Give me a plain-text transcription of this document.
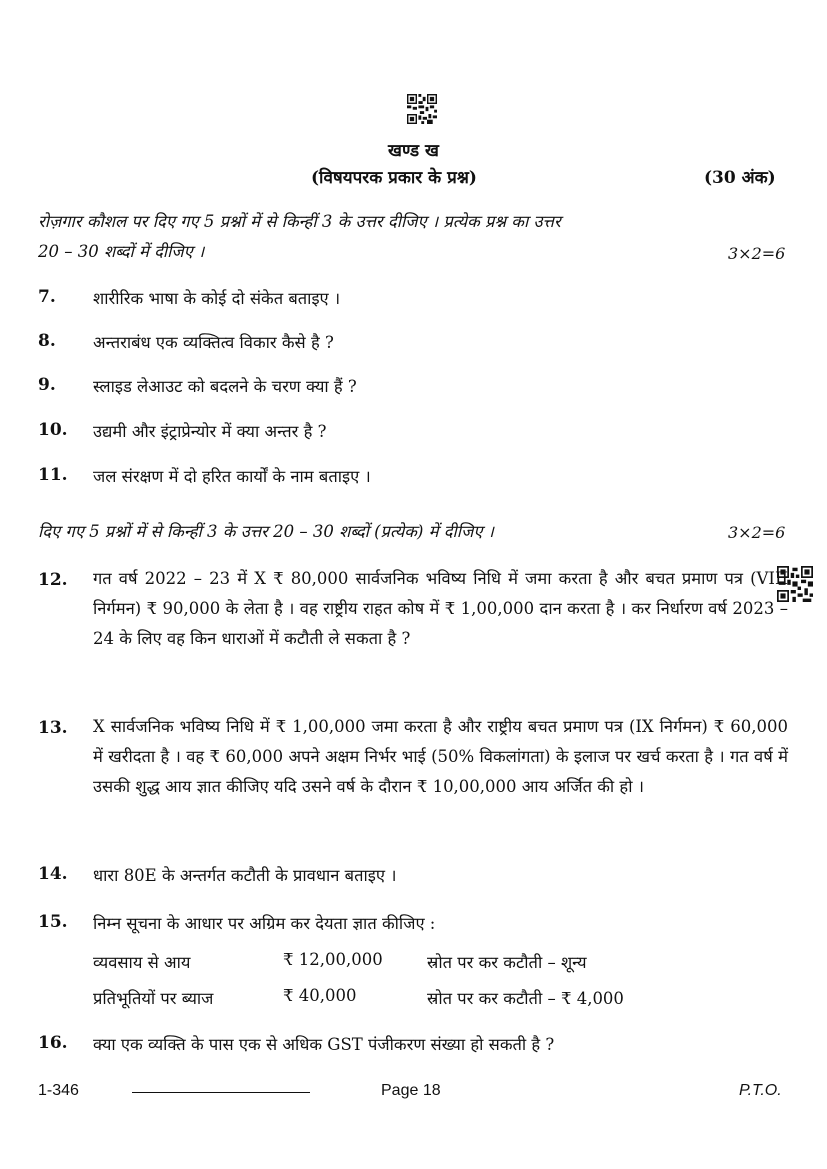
खण्ड ख
(विषयपरक प्रकार के प्रश्न)	(30 अंक)
रोज़गार कौशल पर दिए गए 5 प्रश्नों में से किन्हीं 3 के उत्तर दीजिए । प्रत्येक प्रश्न का उत्तर
20 – 30 शब्दों में दीजिए ।	3×2=6
7. शारीरिक भाषा के कोई दो संकेत बताइए ।
8. अन्तराबंध एक व्यक्तित्व विकार कैसे है ?
9. स्लाइड लेआउट को बदलने के चरण क्या हैं ?
10. उद्यमी और इंट्राप्रेन्योर में क्या अन्तर है ?
11. जल संरक्षण में दो हरित कार्यों के नाम बताइए ।
दिए गए 5 प्रश्नों में से किन्हीं 3 के उत्तर 20 – 30 शब्दों (प्रत्येक) में दीजिए ।	3×2=6
12. गत वर्ष 2022 – 23 में X ₹ 80,000 सार्वजनिक भविष्य निधि में जमा करता है और बचत प्रमाण पत्र (VIII निर्गमन) ₹ 90,000 के लेता है । वह राष्ट्रीय राहत कोष में ₹ 1,00,000 दान करता है । कर निर्धारण वर्ष 2023 – 24 के लिए वह किन धाराओं में कटौती ले सकता है ?
13. X सार्वजनिक भविष्य निधि में ₹ 1,00,000 जमा करता है और राष्ट्रीय बचत प्रमाण पत्र (IX निर्गमन) ₹ 60,000 में खरीदता है । वह ₹ 60,000 अपने अक्षम निर्भर भाई (50% विकलांगता) के इलाज पर खर्च करता है । गत वर्ष में उसकी शुद्ध आय ज्ञात कीजिए यदि उसने वर्ष के दौरान ₹ 10,00,000 आय अर्जित की हो ।
14. धारा 80E के अन्तर्गत कटौती के प्रावधान बताइए ।
15. निम्न सूचना के आधार पर अग्रिम कर देयता ज्ञात कीजिए :
व्यवसाय से आय	₹ 12,00,000	स्रोत पर कर कटौती – शून्य
प्रतिभूतियों पर ब्याज	₹ 40,000	स्रोत पर कर कटौती – ₹ 4,000
16. क्या एक व्यक्ति के पास एक से अधिक GST पंजीकरण संख्या हो सकती है ?
1-346	Page 18	P.T.O.
